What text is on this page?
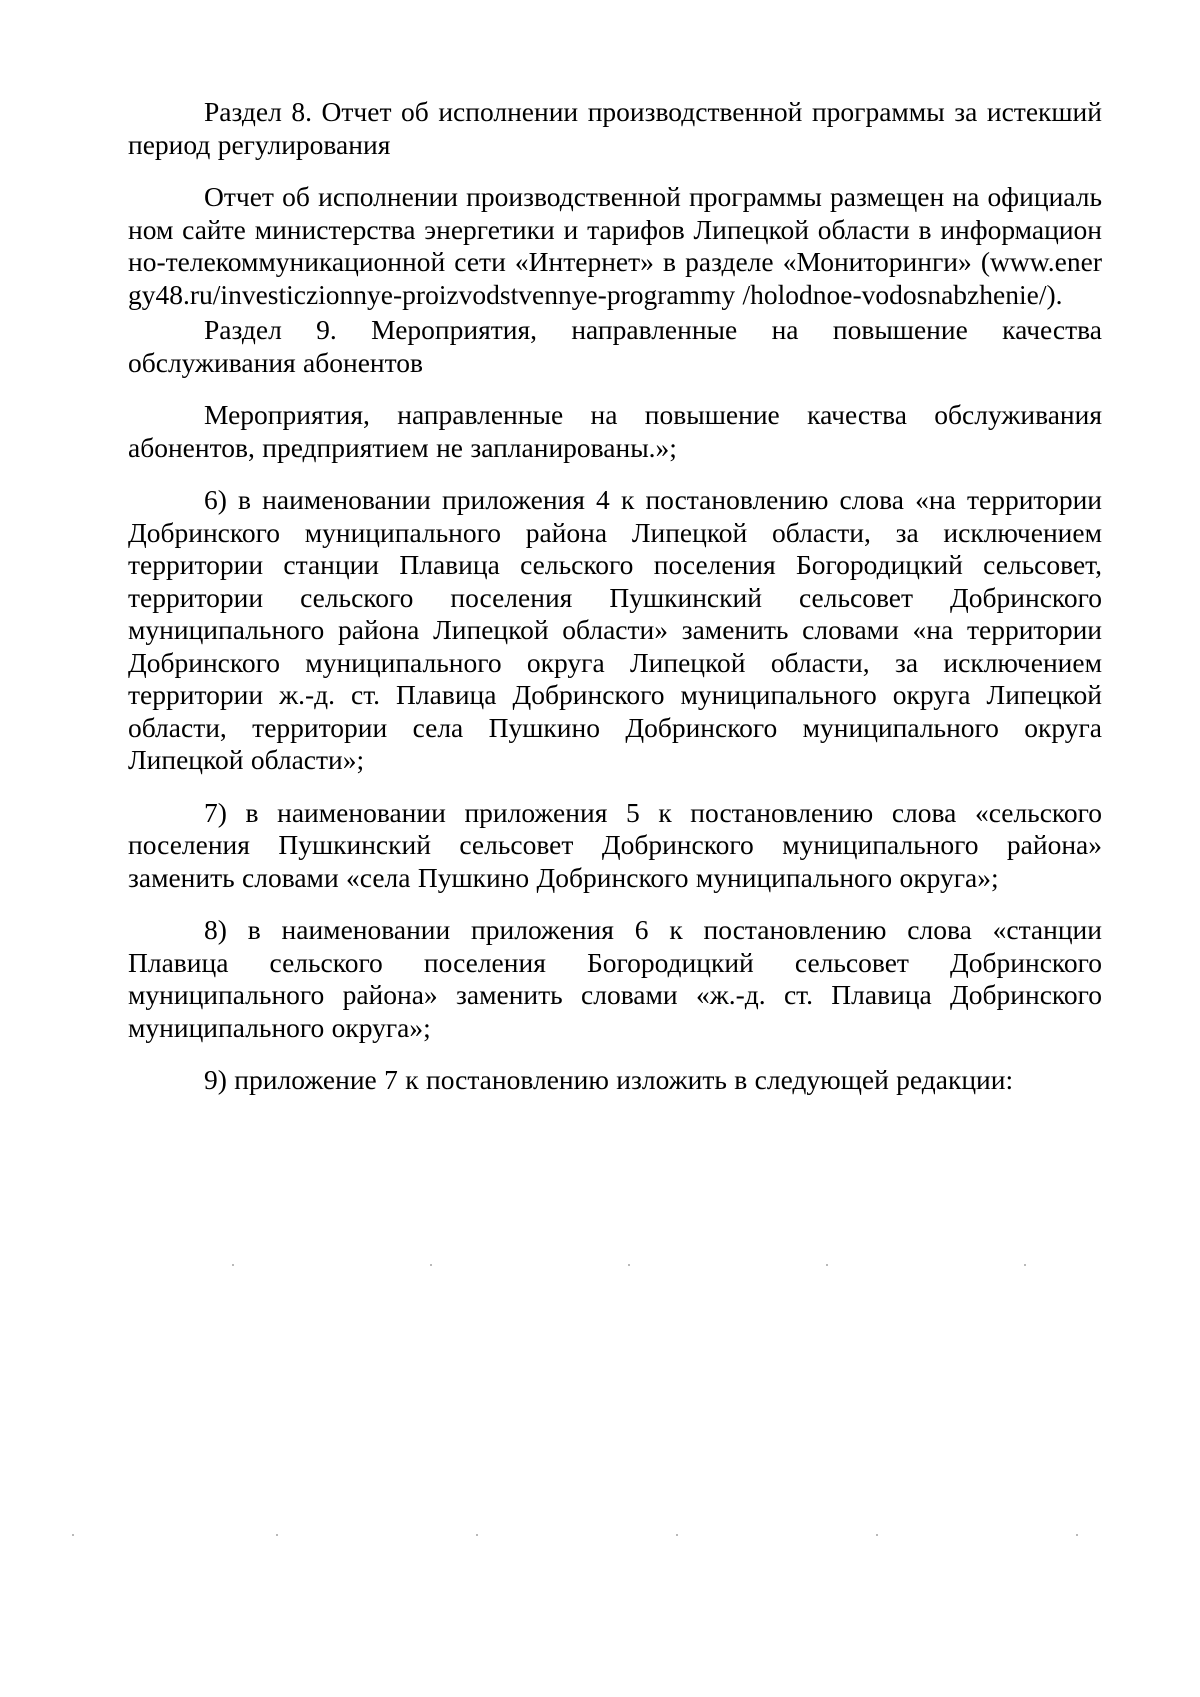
Раздел 8. Отчет об исполнении производственной программы за истекший период регулирования

Отчет об исполнении производственной программы размещен на официальном сайте министерства энергетики и тарифов Липецкой области в информационно-телекоммуникационной сети «Интернет» в разделе «Мониторинги» (www.energy48.ru/investiczionnye-proizvodstvennye-programmy /holodnoe-vodosnabzhenie/).

Раздел 9. Мероприятия, направленные на повышение качества обслуживания абонентов

Мероприятия, направленные на повышение качества обслуживания абонентов, предприятием не запланированы.»;

6) в наименовании приложения 4 к постановлению слова «на территории Добринского муниципального района Липецкой области, за исключением территории станции Плавица сельского поселения Богородицкий сельсовет, территории сельского поселения Пушкинский сельсовет Добринского муниципального района Липецкой области» заменить словами «на территории Добринского муниципального округа Липецкой области, за исключением территории ж.-д. ст. Плавица Добринского муниципального округа Липецкой области, территории села Пушкино Добринского муниципального округа Липецкой области»;

7) в наименовании приложения 5 к постановлению слова «сельского поселения Пушкинский сельсовет Добринского муниципального района» заменить словами «села Пушкино Добринского муниципального округа»;

8) в наименовании приложения 6 к постановлению слова «станции Плавица сельского поселения Богородицкий сельсовет Добринского муниципального района» заменить словами «ж.-д. ст. Плавица Добринского муниципального округа»;

9) приложение 7 к постановлению изложить в следующей редакции:
